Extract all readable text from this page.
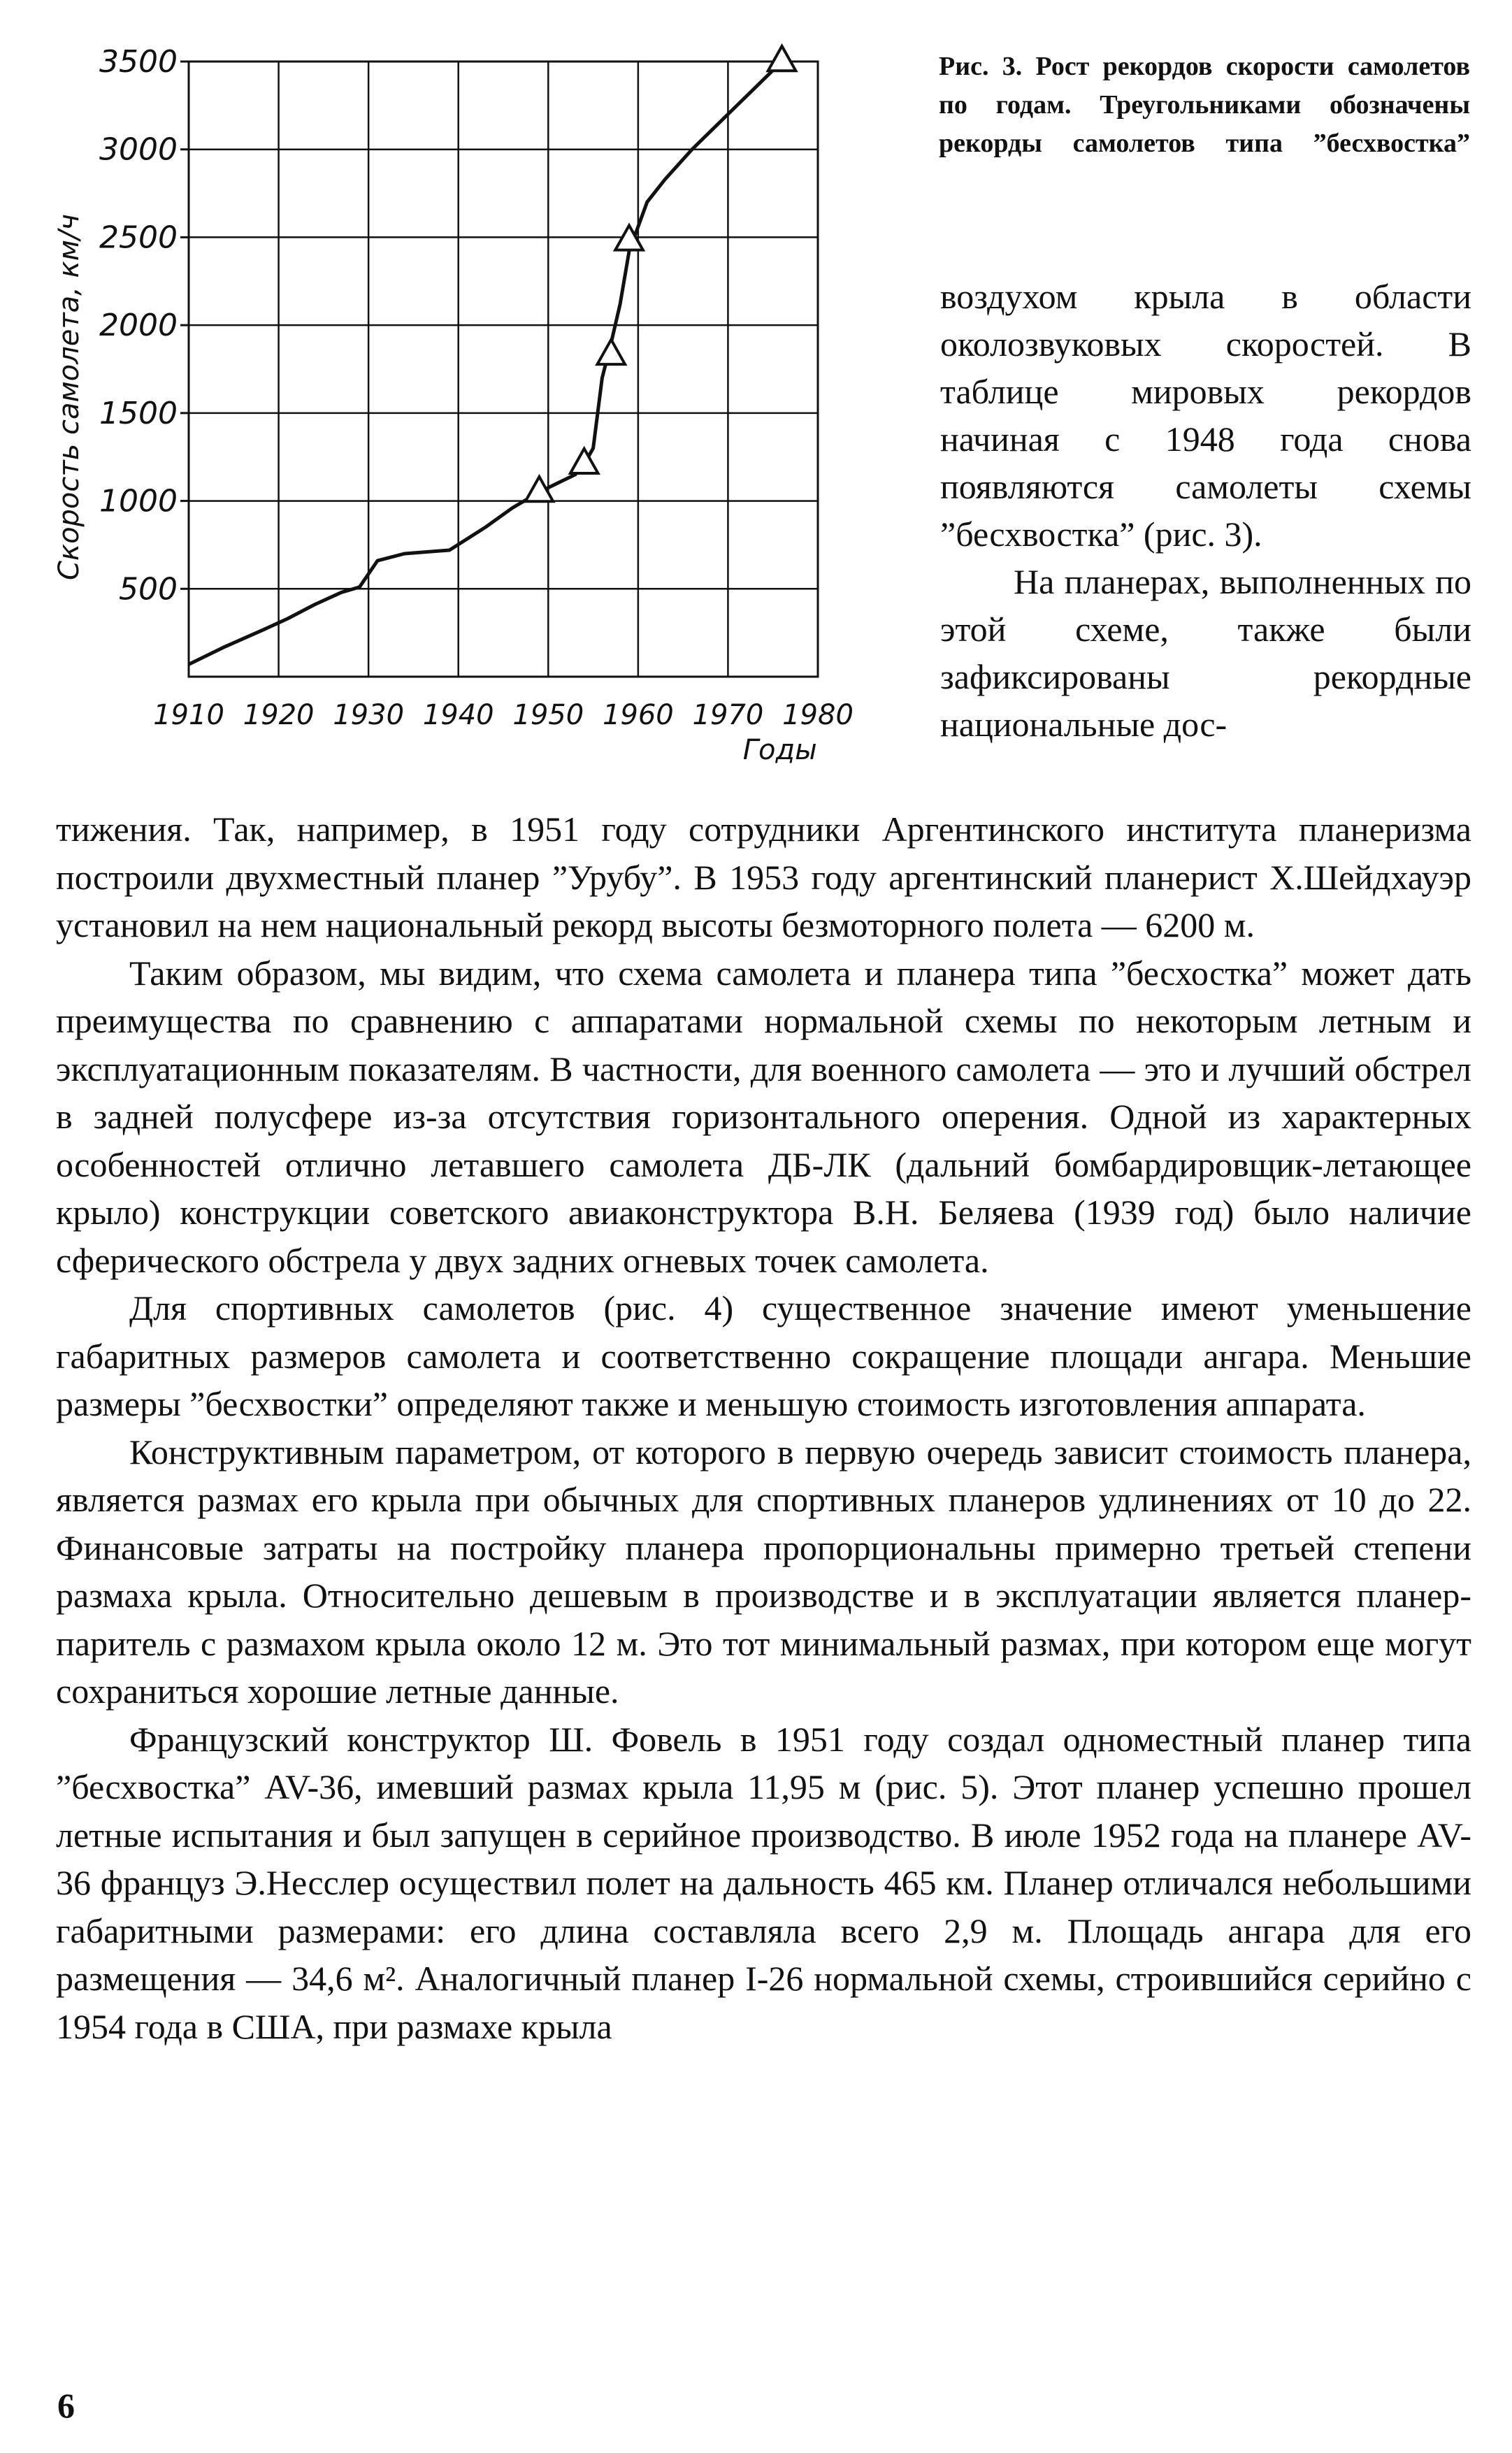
500
1000
1500
2000
2500
3000
3500
1910 1920 1930 1940 1950 1960 1970 1980
Годы
Скорость самолета, км/ч
Рис. 3. Рост рекордов скорости самолетов по годам. Треугольниками обозначены рекорды самолетов типа ”бесхвостка”

воздухом крыла в области околозвуковых скоростей. В таблице мировых рекордов начиная с 1948 года снова появляются самолеты схемы ”бесхвостка” (рис. 3).

На планерах, выполненных по этой схеме, также были зафиксированы рекордные национальные дос-

тижения. Так, например, в 1951 году сотрудники Аргентинского института планеризма построили двухместный планер ”Урубу”. В 1953 году аргентинский планерист Х.Шейдхауэр установил на нем национальный рекорд высоты безмоторного полета — 6200 м.

Таким образом, мы видим, что схема самолета и планера типа ”бесхостка” может дать преимущества по сравнению с аппаратами нормальной схемы по некоторым летным и эксплуатационным показателям. В частности, для военного самолета — это и лучший обстрел в задней полусфере из-за отсутствия горизонтального оперения. Одной из характерных особенностей отлично летавшего самолета ДБ-ЛК (дальний бомбардировщик-летающее крыло) конструкции советского авиаконструктора В.Н. Беляева (1939 год) было наличие сферического обстрела у двух задних огневых точек самолета.

Для спортивных самолетов (рис. 4) существенное значение имеют уменьшение габаритных размеров самолета и соответственно сокращение площади ангара. Меньшие размеры ”бесхвостки” определяют также и меньшую стоимость изготовления аппарата.

Конструктивным параметром, от которого в первую очередь зависит стоимость планера, является размах его крыла при обычных для спортивных планеров удлинениях от 10 до 22. Финансовые затраты на постройку планера пропорциональны примерно третьей степени размаха крыла. Относительно дешевым в производстве и в эксплуатации является планер-паритель с размахом крыла около 12 м. Это тот минимальный размах, при котором еще могут сохраниться хорошие летные данные.

Французский конструктор Ш. Фовель в 1951 году создал одноместный планер типа ”бесхвостка” AV-36, имевший размах крыла 11,95 м (рис. 5). Этот планер успешно прошел летные испытания и был запущен в серийное производство. В июле 1952 года на планере AV-36 француз Э.Несслер осуществил полет на дальность 465 км. Планер отличался небольшими габаритными размерами: его длина составляла всего 2,9 м. Площадь ангара для его размещения — 34,6 м². Аналогичный планер I-26 нормальной схемы, строившийся серийно с 1954 года в США, при размахе крыла

6
